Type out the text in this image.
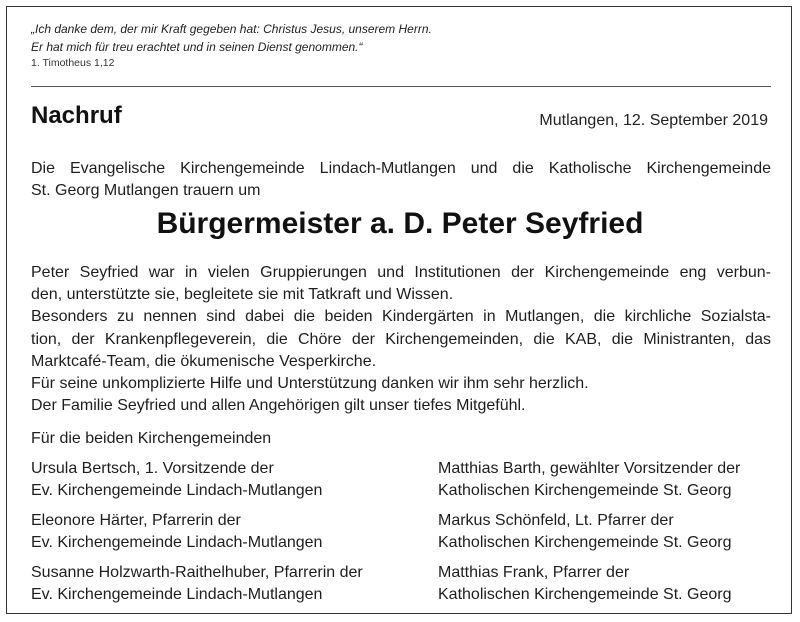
„Ich danke dem, der mir Kraft gegeben hat: Christus Jesus, unserem Herrn.
Er hat mich für treu erachtet und in seinen Dienst genommen.“
1. Timotheus 1,12
Nachruf	Mutlangen, 12. September 2019
Die Evangelische Kirchengemeinde Lindach-Mutlangen und die Katholische Kirchengemeinde
St. Georg Mutlangen trauern um
Bürgermeister a. D. Peter Seyfried
Peter Seyfried war in vielen Gruppierungen und Institutionen der Kirchengemeinde eng verbun-
den, unterstützte sie, begleitete sie mit Tatkraft und Wissen.
Besonders zu nennen sind dabei die beiden Kindergärten in Mutlangen, die kirchliche Sozialsta-
tion, der Krankenpflegeverein, die Chöre der Kirchengemeinden, die KAB, die Ministranten, das
Marktcafé-Team, die ökumenische Vesperkirche.
Für seine unkomplizierte Hilfe und Unterstützung danken wir ihm sehr herzlich.
Der Familie Seyfried und allen Angehörigen gilt unser tiefes Mitgefühl.
Für die beiden Kirchengemeinden
Ursula Bertsch, 1. Vorsitzende der
Ev. Kirchengemeinde Lindach-Mutlangen
Matthias Barth, gewählter Vorsitzender der
Katholischen Kirchengemeinde St. Georg
Eleonore Härter, Pfarrerin der
Ev. Kirchengemeinde Lindach-Mutlangen
Markus Schönfeld, Lt. Pfarrer der
Katholischen Kirchengemeinde St. Georg
Susanne Holzwarth-Raithelhuber, Pfarrerin der
Ev. Kirchengemeinde Lindach-Mutlangen
Matthias Frank, Pfarrer der
Katholischen Kirchengemeinde St. Georg
